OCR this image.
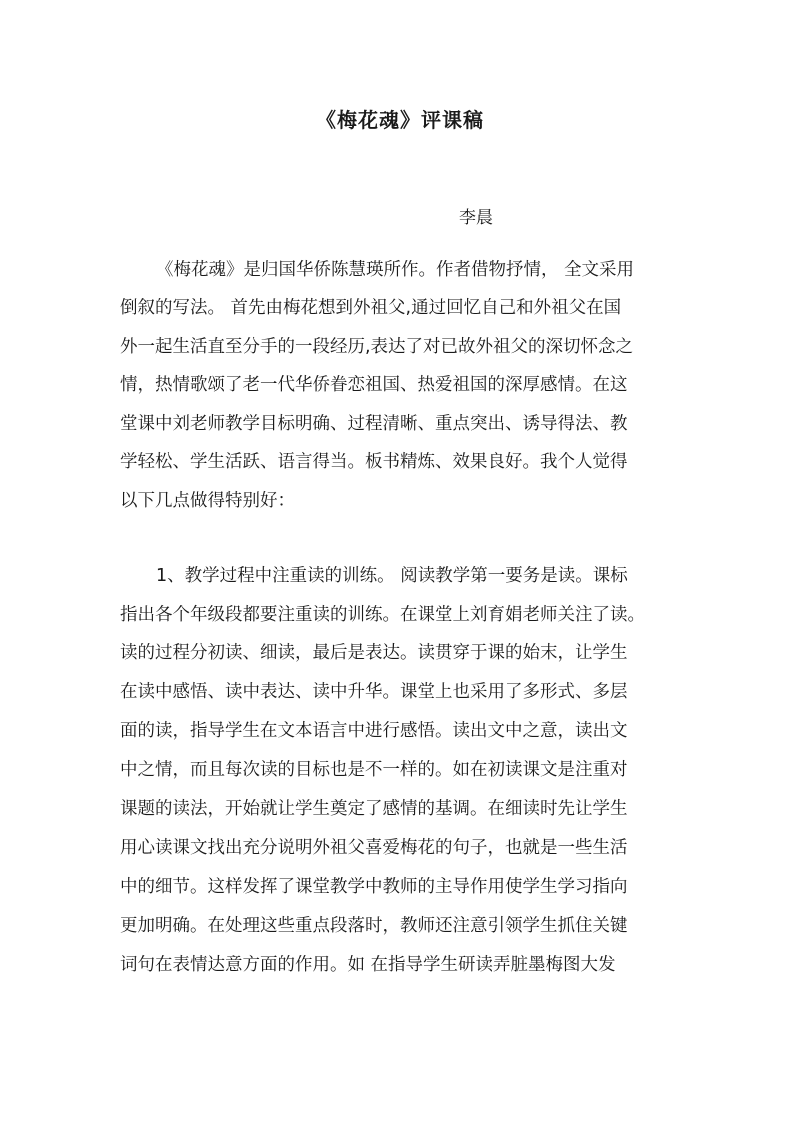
《梅花魂》评课稿
李晨
《梅花魂》是归国华侨陈慧瑛所作。作者借物抒情， 全文采用
倒叙的写法。 首先由梅花想到外祖父,通过回忆自己和外祖父在国
外一起生活直至分手的一段经历,表达了对已故外祖父的深切怀念之
情，热情歌颂了老一代华侨眷恋祖国、热爱祖国的深厚感情。在这
堂课中刘老师教学目标明确、过程清晰、重点突出、诱导得法、教
学轻松、学生活跃、语言得当。板书精炼、效果良好。我个人觉得
以下几点做得特别好：
1、教学过程中注重读的训练。 阅读教学第一要务是读。课标
指出各个年级段都要注重读的训练。在课堂上刘育娟老师关注了读。
读的过程分初读、细读，最后是表达。读贯穿于课的始末，让学生
在读中感悟、读中表达、读中升华。课堂上也采用了多形式、多层
面的读，指导学生在文本语言中进行感悟。读出文中之意，读出文
中之情，而且每次读的目标也是不一样的。如在初读课文是注重对
课题的读法，开始就让学生奠定了感情的基调。在细读时先让学生
用心读课文找出充分说明外祖父喜爱梅花的句子，也就是一些生活
中的细节。这样发挥了课堂教学中教师的主导作用使学生学习指向
更加明确。在处理这些重点段落时，教师还注意引领学生抓住关键
词句在表情达意方面的作用。如 在指导学生研读弄脏墨梅图大发
